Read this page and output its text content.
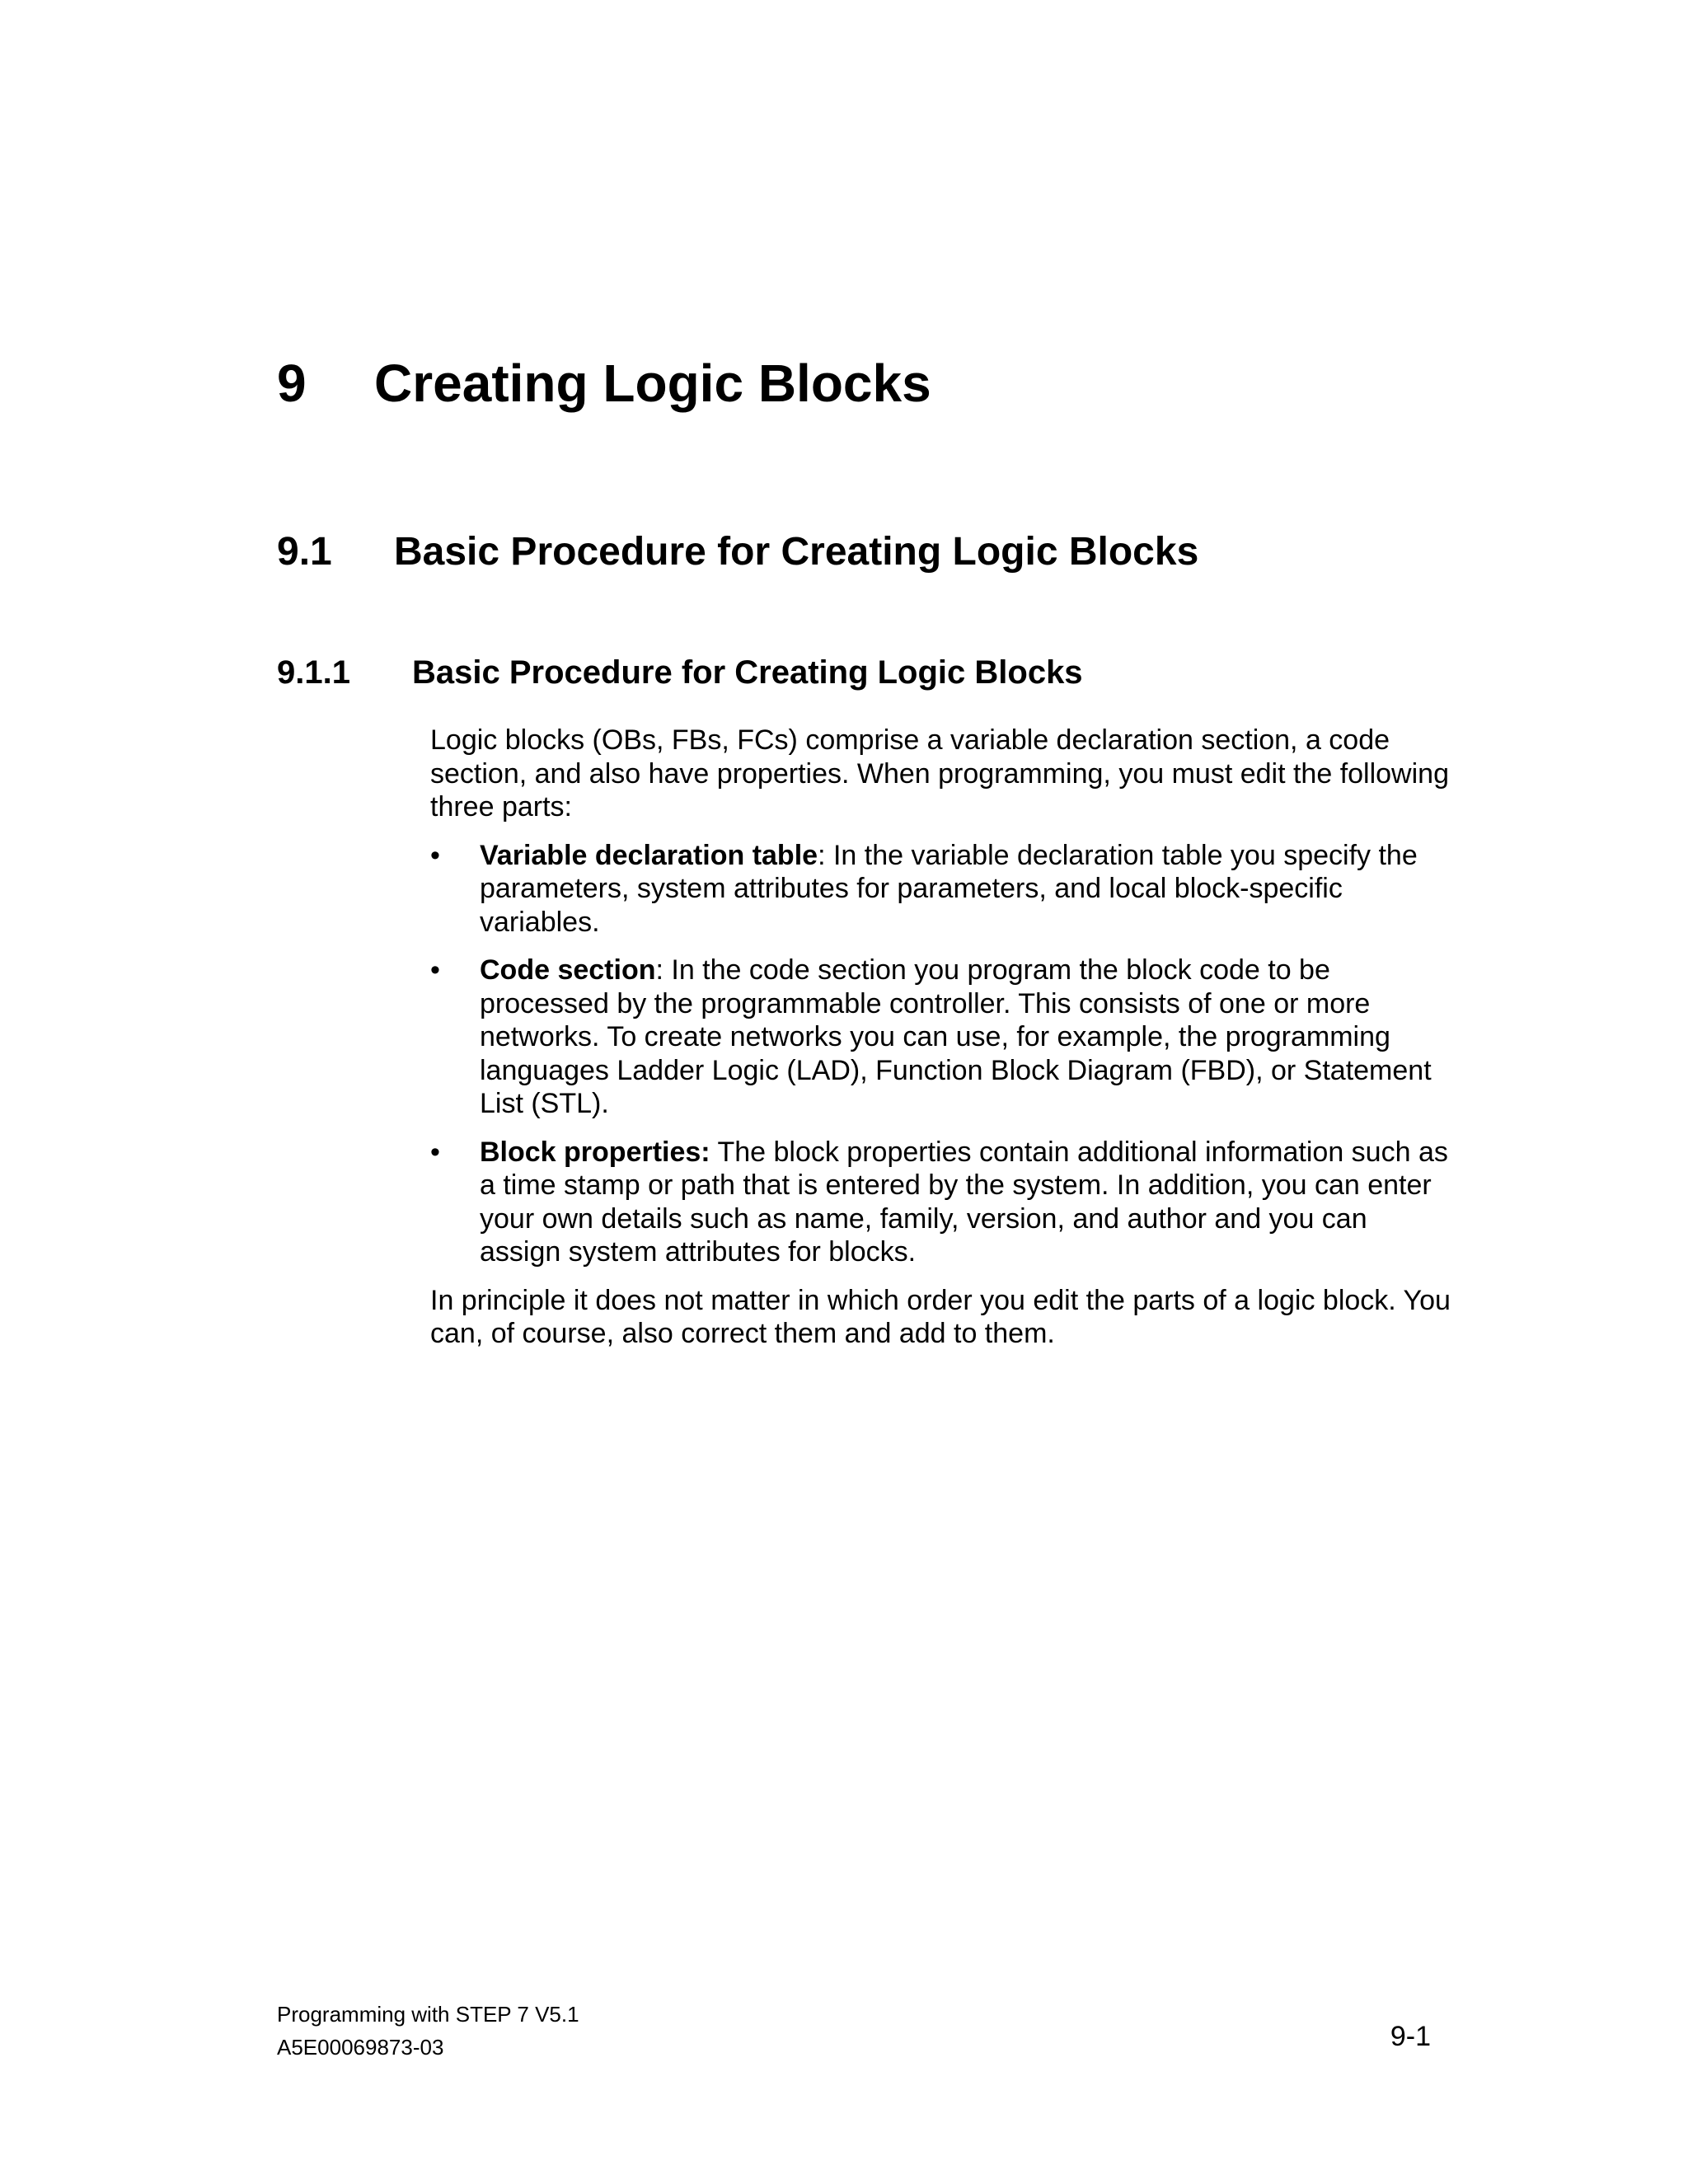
9 Creating Logic Blocks
9.1 Basic Procedure for Creating Logic Blocks
9.1.1 Basic Procedure for Creating Logic Blocks

Logic blocks (OBs, FBs, FCs) comprise a variable declaration section, a code section, and also have properties. When programming, you must edit the following three parts:

•	Variable declaration table: In the variable declaration table you specify the parameters, system attributes for parameters, and local block-specific variables.
•	Code section: In the code section you program the block code to be processed by the programmable controller. This consists of one or more networks. To create networks you can use, for example, the programming languages Ladder Logic (LAD), Function Block Diagram (FBD), or Statement List (STL).
•	Block properties: The block properties contain additional information such as a time stamp or path that is entered by the system. In addition, you can enter your own details such as name, family, version, and author and you can assign system attributes for blocks.

In principle it does not matter in which order you edit the parts of a logic block. You can, of course, also correct them and add to them.

Programming with STEP 7 V5.1
A5E00069873-03	9-1
